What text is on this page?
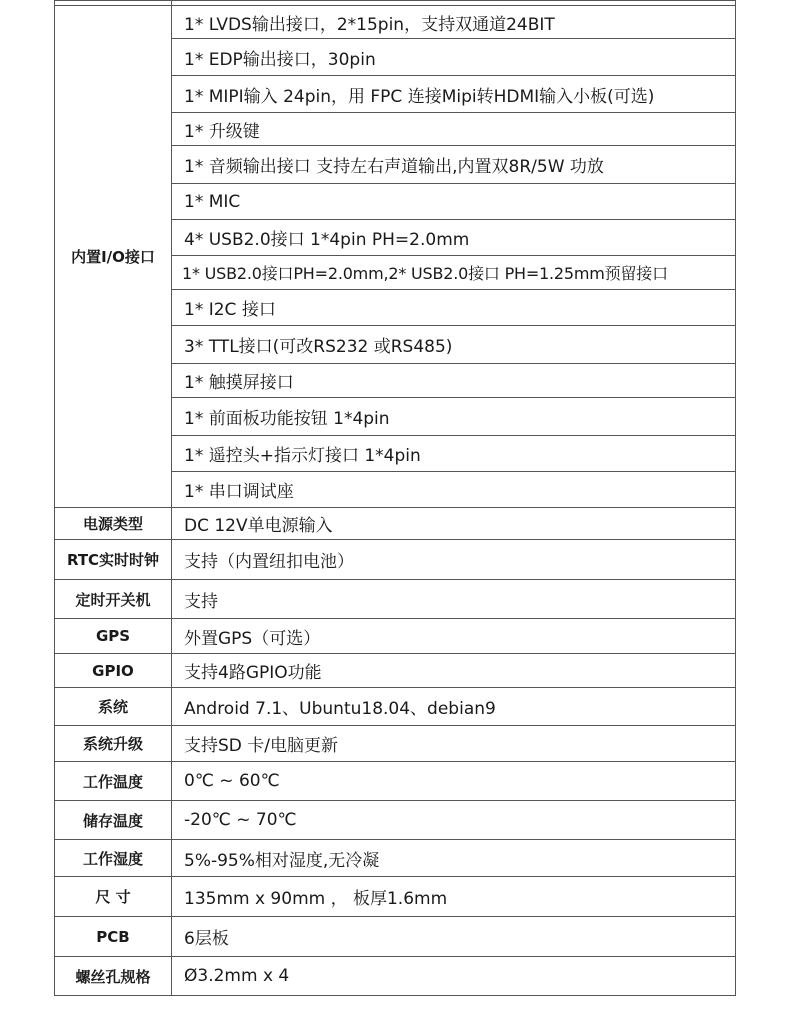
内置I/O接口	1* LVDS输出接口，2*15pin，支持双通道24BIT
	1* EDP输出接口，30pin
	1* MIPI输入 24pin，用 FPC 连接Mipi转HDMI输入小板(可选)
	1* 升级键
	1* 音频输出接口 支持左右声道输出,内置双8R/5W 功放
	1* MIC
	4* USB2.0接口 1*4pin PH=2.0mm
	1* USB2.0接口PH=2.0mm,2* USB2.0接口 PH=1.25mm预留接口
	1* I2C 接口
	3* TTL接口(可改RS232 或RS485)
	1* 触摸屏接口
	1* 前面板功能按钮 1*4pin
	1* 遥控头+指示灯接口 1*4pin
	1* 串口调试座
电源类型	DC 12V单电源输入
RTC实时时钟	支持（内置纽扣电池）
定时开关机	支持
GPS	外置GPS（可选）
GPIO	支持4路GPIO功能
系统	Android 7.1、Ubuntu18.04、debian9
系统升级	支持SD 卡/电脑更新
工作温度	0℃ ~ 60℃
储存温度	-20℃ ~ 70℃
工作湿度	5%-95%相对湿度,无冷凝
尺 寸	135mm x 90mm ， 板厚1.6mm
PCB	6层板
螺丝孔规格	Ø3.2mm x 4
